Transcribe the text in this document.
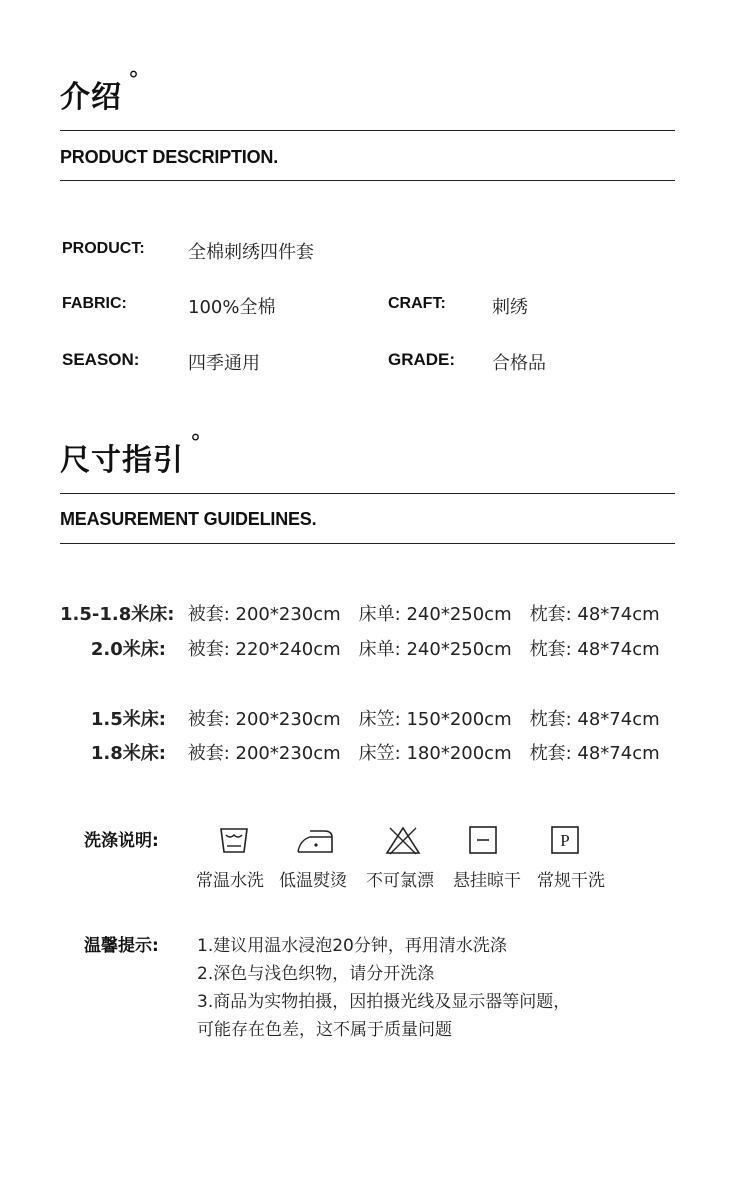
介绍 °
PRODUCT DESCRIPTION.
PRODUCT: 全棉刺绣四件套
FABRIC:	100%全棉	CRAFT:	刺绣
SEASON:	四季通用	GRADE: 合格品
尺寸指引 °
MEASUREMENT GUIDELINES.
1.5-1.8米床: 被套: 200*230cm 床单: 240*250cm 枕套: 48*74cm
2.0米床: 被套: 220*240cm 床单: 240*250cm 枕套: 48*74cm
1.5米床: 被套: 200*230cm 床笠: 150*200cm 枕套: 48*74cm
1.8米床: 被套: 200*230cm 床笠: 180*200cm 枕套: 48*74cm
洗涤说明:	P
常温水洗 低温熨烫 不可氯漂 悬挂晾干 常规干洗
温馨提示: 1.建议用温水浸泡20分钟，再用清水洗涤
2.深色与浅色织物，请分开洗涤
3.商品为实物拍摄，因拍摄光线及显示器等问题，
可能存在色差，这不属于质量问题
